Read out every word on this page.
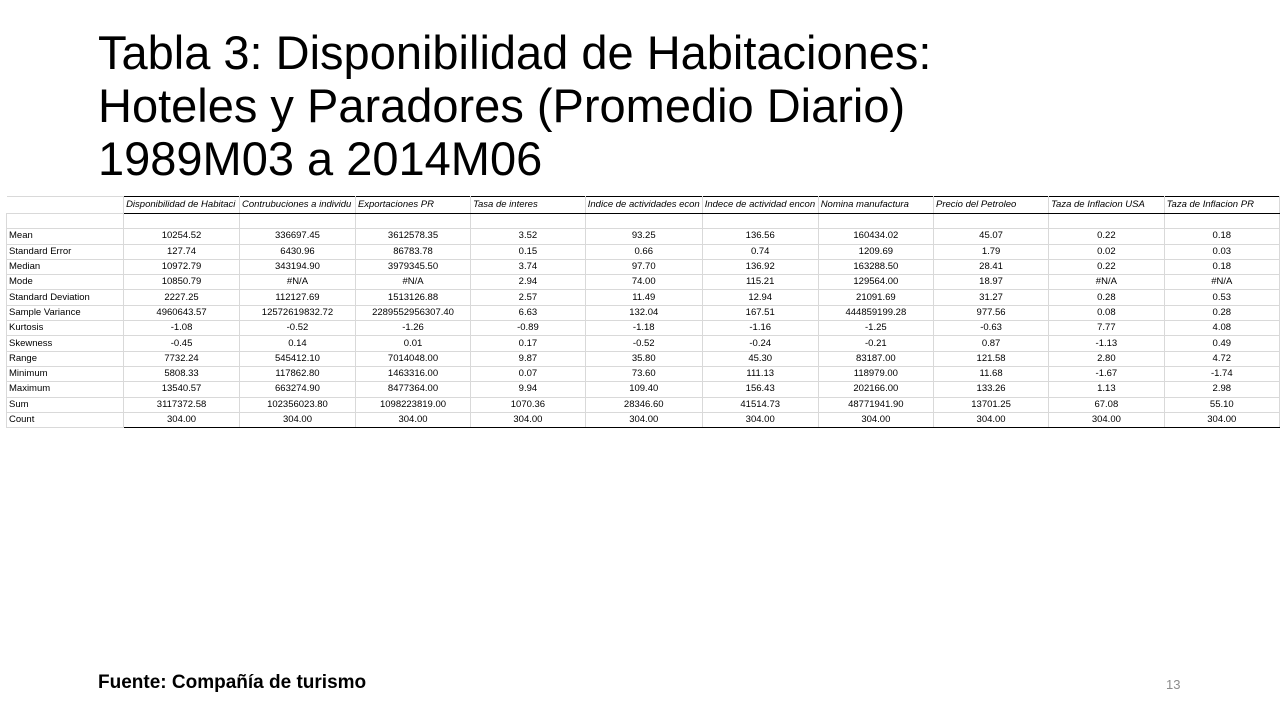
Tabla 3: Disponibilidad de Habitaciones:
Hoteles y Paradores (Promedio Diario)
1989M03 a 2014M06
	Disponibilidad de Habitaci	Contrubuciones a individu	Exportaciones PR	Tasa de interes	Indice de actividades econ	Indece de actividad encon	Nomina manufactura	Precio del Petroleo	Taza de Inflacion USA	Taza de Inflacion PR

Mean	10254.52	336697.45	3612578.35	3.52	93.25	136.56	160434.02	45.07	0.22	0.18
Standard Error	127.74	6430.96	86783.78	0.15	0.66	0.74	1209.69	1.79	0.02	0.03
Median	10972.79	343194.90	3979345.50	3.74	97.70	136.92	163288.50	28.41	0.22	0.18
Mode	10850.79	#N/A	#N/A	2.94	74.00	115.21	129564.00	18.97	#N/A	#N/A
Standard Deviation	2227.25	112127.69	1513126.88	2.57	11.49	12.94	21091.69	31.27	0.28	0.53
Sample Variance	4960643.57	12572619832.72	2289552956307.40	6.63	132.04	167.51	444859199.28	977.56	0.08	0.28
Kurtosis	-1.08	-0.52	-1.26	-0.89	-1.18	-1.16	-1.25	-0.63	7.77	4.08
Skewness	-0.45	0.14	0.01	0.17	-0.52	-0.24	-0.21	0.87	-1.13	0.49
Range	7732.24	545412.10	7014048.00	9.87	35.80	45.30	83187.00	121.58	2.80	4.72
Minimum	5808.33	117862.80	1463316.00	0.07	73.60	111.13	118979.00	11.68	-1.67	-1.74
Maximum	13540.57	663274.90	8477364.00	9.94	109.40	156.43	202166.00	133.26	1.13	2.98
Sum	3117372.58	102356023.80	1098223819.00	1070.36	28346.60	41514.73	48771941.90	13701.25	67.08	55.10
Count	304.00	304.00	304.00	304.00	304.00	304.00	304.00	304.00	304.00	304.00
Fuente: Compañía de turismo	13
